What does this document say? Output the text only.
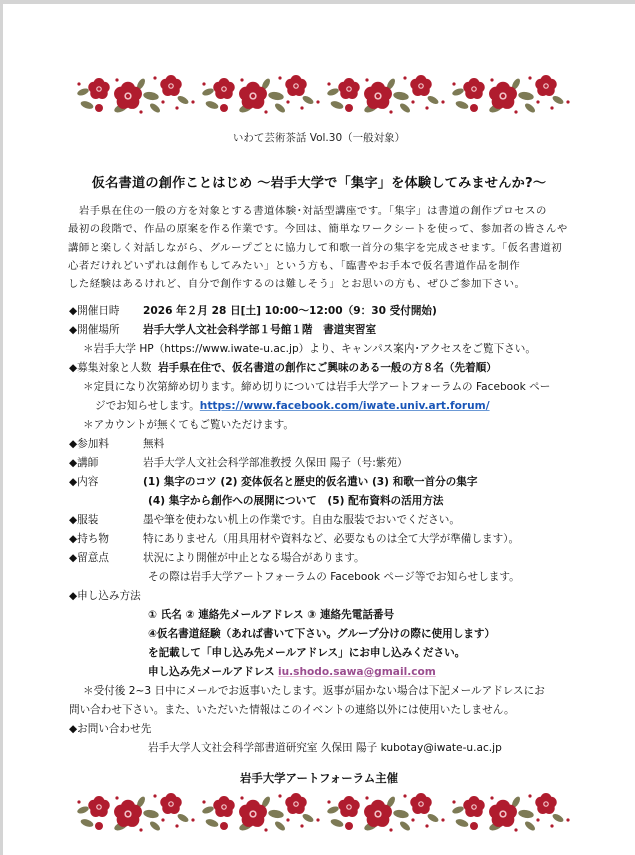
いわて芸術茶話 Vol.30（一般対象）
仮名書道の創作ことはじめ ～岩手大学で「集字」を体験してみませんか?～

　岩手県在住の一般の方を対象とする書道体験･対話型講座です。「集字」は書道の創作プロセスの

最初の段階で、作品の原案を作る作業です。今回は、簡単なワークシートを使って、参加者の皆さんや

講師と楽しく対話しながら、グループごとに協力して和歌一首分の集字を完成させます。「仮名書道初

心者だけれどいずれは創作もしてみたい」という方も、「臨書やお手本で仮名書道作品を制作

した経験はあるけれど、自分で創作するのは難しそう」とお思いの方も、ぜひご参加下さい。

◆開催日時 2026 年２月 28 日[土] 10:00～12:00（9：30 受付開始)
◆開催場所 岩手大学人文社会科学部１号館１階　書道実習室
＊岩手大学 HP（https://www.iwate-u.ac.jp）より、キャンパス案内･アクセスをご覧下さい。
◆募集対象と人数 岩手県在住で、仮名書道の創作にご興味のある一般の方８名（先着順）
＊定員になり次第締め切ります。締め切りについては岩手大学アートフォーラムの Facebook ペー
ジでお知らせします。https://www.facebook.com/iwate.univ.art.forum/
＊アカウントが無くてもご覧いただけます。
◆参加料	無料
◆講師	岩手大学人文社会科学部准教授 久保田 陽子（号:紫苑）
◆内容	(1) 集字のコツ (2) 変体仮名と歴史的仮名遣い (3) 和歌一首分の集字
(4) 集字から創作への展開について　(5) 配布資料の活用方法
◆服装	墨や筆を使わない机上の作業です。自由な服装でおいでください。
◆持ち物	特にありません（用具用材や資料など、必要なものは全て大学が準備します）。
◆留意点	状況により開催が中止となる場合があります。
その際は岩手大学アートフォーラムの Facebook ページ等でお知らせします。
◆申し込み方法
① 氏名 ② 連絡先メールアドレス ③ 連絡先電話番号
④仮名書道経験（あれば書いて下さい。グループ分けの際に使用します）
を記載して「申し込み先メールアドレス」にお申し込みください。
申し込み先メールアドレス iu.shodo.sawa@gmail.com
＊受付後 2~3 日中にメールでお返事いたします。返事が届かない場合は下記メールアドレスにお
問い合わせ下さい。また、いただいた情報はこのイベントの連絡以外には使用いたしません。
◆お問い合わせ先
岩手大学人文社会科学部書道研究室 久保田 陽子 kubotay@iwate-u.ac.jp
岩手大学アートフォーラム主催
